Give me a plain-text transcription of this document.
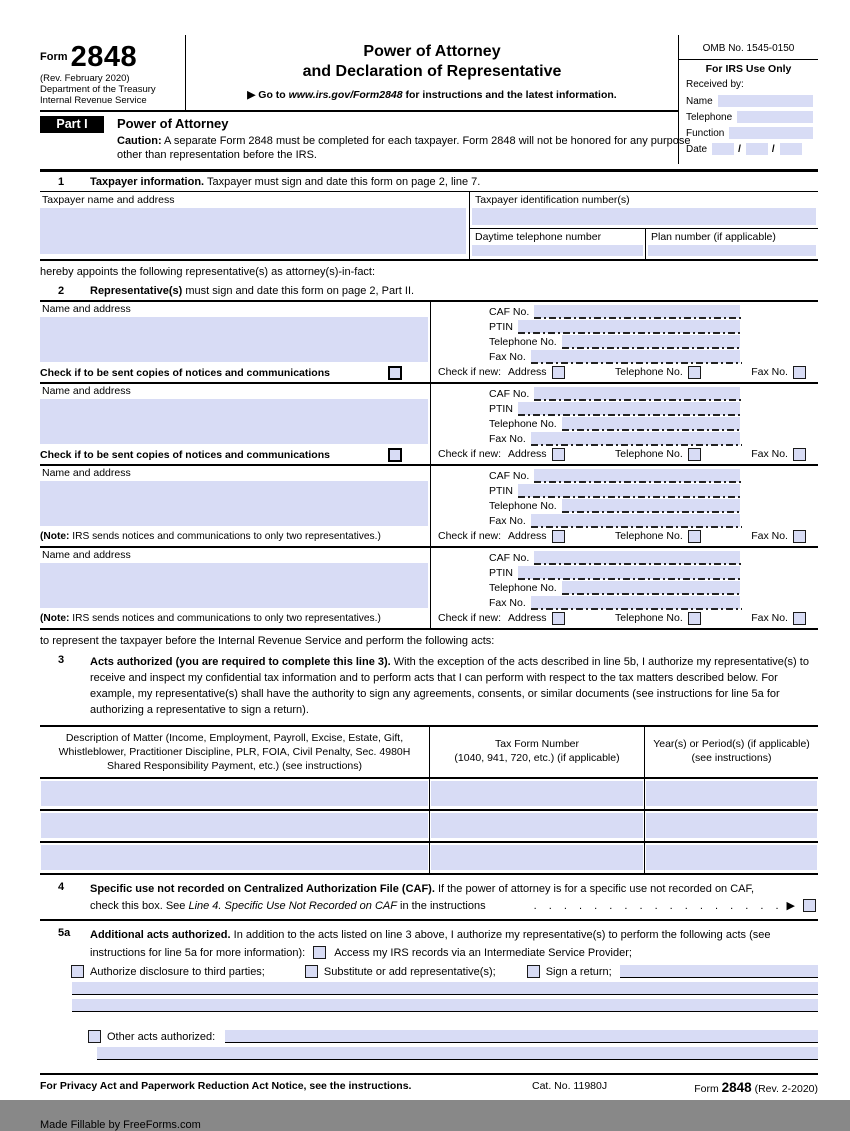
Form 2848
(Rev. February 2020)
Department of the Treasury
Internal Revenue Service
Power of Attorney
and Declaration of Representative
▶ Go to www.irs.gov/Form2848 for instructions and the latest information.
Part I	Power of Attorney
Caution: A separate Form 2848 must be completed for each taxpayer. Form 2848 will not be honored for any purpose other than representation before the IRS.
OMB No. 1545-0150
For IRS Use Only
Received by:
Name
Telephone
Function
Date	/	/
1	Taxpayer information. Taxpayer must sign and date this form on page 2, line 7.
Taxpayer name and address	Taxpayer identification number(s)
Daytime telephone number	Plan number (if applicable)
hereby appoints the following representative(s) as attorney(s)-in-fact:
2	Representative(s) must sign and date this form on page 2, Part II.
Name and address
Check if to be sent copies of notices and communications
CAF No.
PTIN
Telephone No.
Fax No.
Check if new: Address	Telephone No.	Fax No.
Name and address
Check if to be sent copies of notices and communications
CAF No.
PTIN
Telephone No.
Fax No.
Check if new: Address	Telephone No.	Fax No.
Name and address
(Note: IRS sends notices and communications to only two representatives.)
CAF No.
PTIN
Telephone No.
Fax No.
Check if new: Address	Telephone No.	Fax No.
Name and address
(Note: IRS sends notices and communications to only two representatives.)
CAF No.
PTIN
Telephone No.
Fax No.
Check if new: Address	Telephone No.	Fax No.
to represent the taxpayer before the Internal Revenue Service and perform the following acts:
3	Acts authorized (you are required to complete this line 3). With the exception of the acts described in line 5b, I authorize my representative(s) to receive and inspect my confidential tax information and to perform acts that I can perform with respect to the tax matters described below. For example, my representative(s) shall have the authority to sign any agreements, consents, or similar documents (see instructions for line 5a for authorizing a representative to sign a return).
Description of Matter (Income, Employment, Payroll, Excise, Estate, Gift, Whistleblower, Practitioner Discipline, PLR, FOIA, Civil Penalty, Sec. 4980H Shared Responsibility Payment, etc.) (see instructions)
Tax Form Number
(1040, 941, 720, etc.) (if applicable)
Year(s) or Period(s) (if applicable)
(see instructions)
4	Specific use not recorded on Centralized Authorization File (CAF). If the power of attorney is for a specific use not recorded on CAF,
check this box. See Line 4. Specific Use Not Recorded on CAF in the instructions	. . . . . . . . . . . . . . . . . ▶
5a	Additional acts authorized. In addition to the acts listed on line 3 above, I authorize my representative(s) to perform the following acts (see
instructions for line 5a for more information):	Access my IRS records via an Intermediate Service Provider;
Authorize disclosure to third parties;	Substitute or add representative(s);	Sign a return;
Other acts authorized:
For Privacy Act and Paperwork Reduction Act Notice, see the instructions.	Cat. No. 11980J	Form 2848 (Rev. 2-2020)
Made Fillable by FreeForms.com
